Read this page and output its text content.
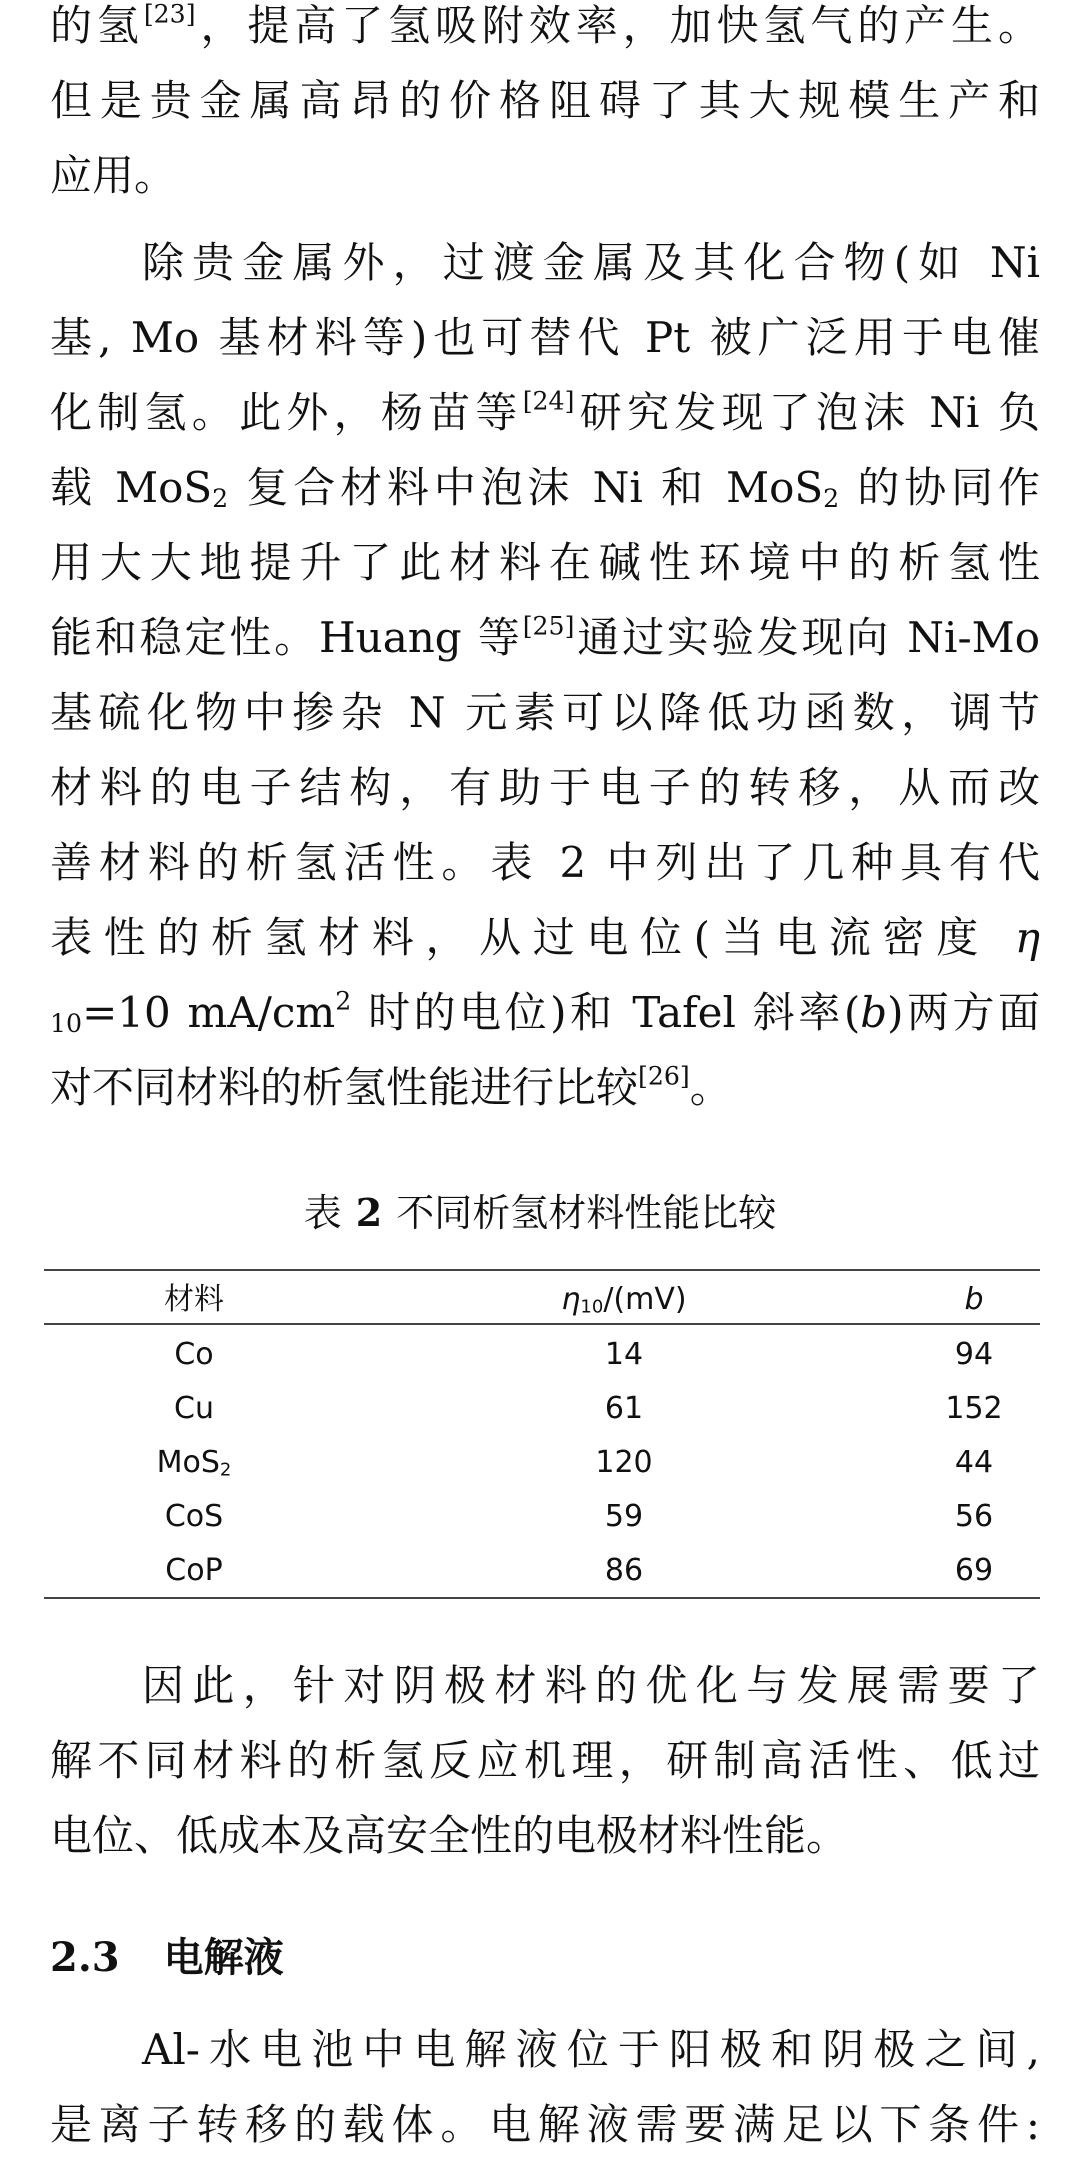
的氢[23]，提高了氢吸附效率，加快氢气的产生。
但是贵金属高昂的价格阻碍了其大规模生产和
应用。
除贵金属外，过渡金属及其化合物(如 Ni
基, Mo 基材料等)也可替代 Pt 被广泛用于电催
化制氢。此外，杨苗等[24]研究发现了泡沫 Ni 负
载 MoS$_2$ 复合材料中泡沫 Ni 和 MoS$_2$ 的协同作
用大大地提升了此材料在碱性环境中的析氢性
能和稳定性。Huang 等[25]通过实验发现向 Ni-Mo
基硫化物中掺杂 N 元素可以降低功函数，调节
材料的电子结构，有助于电子的转移，从而改
善材料的析氢活性。表 2 中列出了几种具有代
表性的析氢材料，从过电位(当电流密度 η
$_{10}$=10 $mA/cm^2$ 时的电位)和 Tafel 斜率(b)两方面
对不同材料的析氢性能进行比较[26]。
表 2 不同析氢材料性能比较
材料	$\eta_{10}/(mV)$	b
Co	14	94
Cu	61	152
MoS$_2$	120	44
CoS	59	56
CoP	86	69
因此，针对阴极材料的优化与发展需要了
解不同材料的析氢反应机理，研制高活性、低过
电位、低成本及高安全性的电极材料性能。
2.3 电解液
Al-水电池中电解液位于阳极和阴极之间,
是离子转移的载体。电解液需要满足以下条件:
